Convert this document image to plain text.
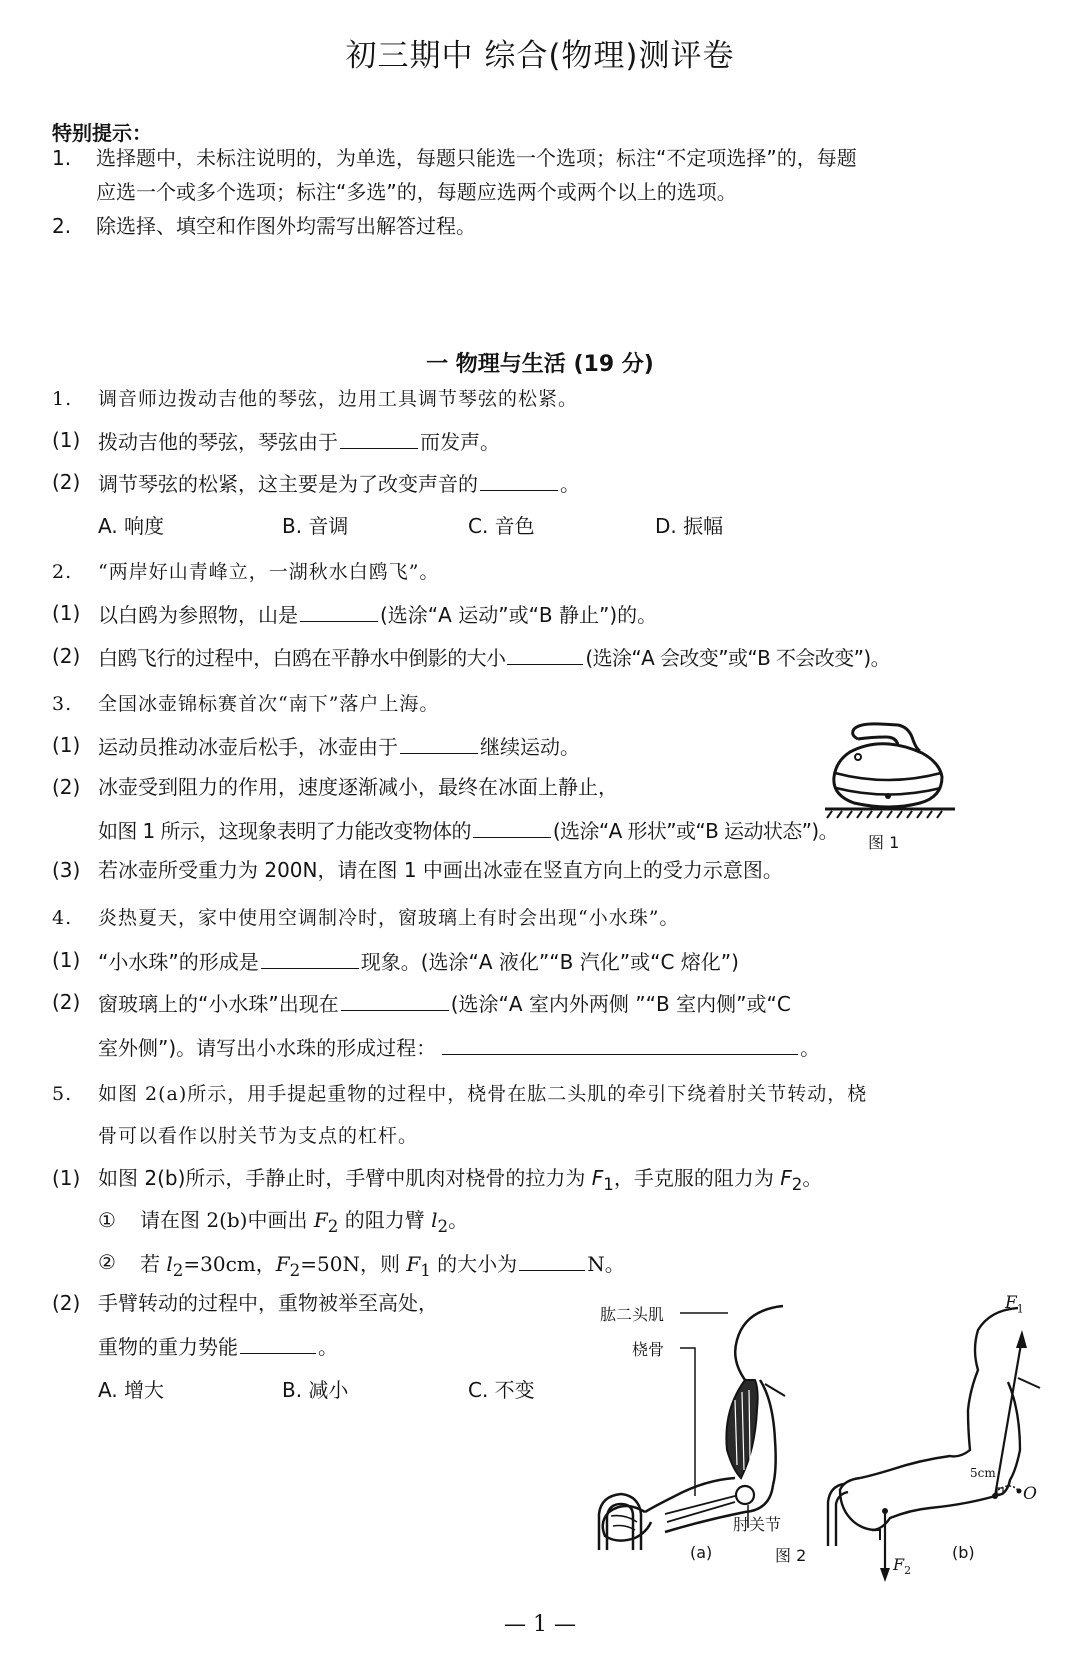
初三期中 综合(物理)测评卷
特别提示：
1. 选择题中，未标注说明的，为单选，每题只能选一个选项；标注“不定项选择”的，每题
应选一个或多个选项；标注“多选”的，每题应选两个或两个以上的选项。
2. 除选择、填空和作图外均需写出解答过程。
一 物理与生活 (19 分)
1. 调音师边拨动吉他的琴弦，边用工具调节琴弦的松紧。
(1) 拨动吉他的琴弦，琴弦由于	而发声。
(2) 调节琴弦的松紧，这主要是为了改变声音的	。
A. 响度	B. 音调	C. 音色	D. 振幅
2. “两岸好山青峰立，一湖秋水白鸥飞”。
(1) 以白鸥为参照物，山是	(选涂“A 运动”或“B 静止”)的。
(2) 白鸥飞行的过程中，白鸥在平静水中倒影的大小	(选涂“A 会改变”或“B 不会改变”)。
3. 全国冰壶锦标赛首次“南下”落户上海。
(1) 运动员推动冰壶后松手，冰壶由于	继续运动。
(2) 冰壶受到阻力的作用，速度逐渐减小，最终在冰面上静止，
如图 1 所示，这现象表明了力能改变物体的	(选涂“A 形状”或“B 运动状态”)。
(3) 若冰壶所受重力为 200N，请在图 1 中画出冰壶在竖直方向上的受力示意图。
图 1
4. 炎热夏天，家中使用空调制冷时，窗玻璃上有时会出现“小水珠”。
(1) “小水珠”的形成是	现象。(选涂“A 液化”“B 汽化”或“C 熔化”)
(2) 窗玻璃上的“小水珠”出现在	(选涂“A 室内外两侧 ”“B 室内侧”或“C
室外侧”)。请写出小水珠的形成过程：	。
5. 如图 2(a)所示，用手提起重物的过程中，桡骨在肱二头肌的牵引下绕着肘关节转动，桡
骨可以看作以肘关节为支点的杠杆。
(1) 如图 2(b)所示，手静止时，手臂中肌肉对桡骨的拉力为 $F_1$，手克服的阻力为 $F_2$。
① 请在图 2(b)中画出 $F_2$ 的阻力臂 $l_2$。
② 若 $l_2=30cm$，$F_2=50N$，则 $F_1$ 的大小为	N。
(2) 手臂转动的过程中，重物被举至高处，
重物的重力势能	。
A. 增大	B. 减小	C. 不变
肱二头肌
桡骨
肘关节
(a)	图 2
$F_1$
5cm
O
$F_2$
(b)
— 1 —
